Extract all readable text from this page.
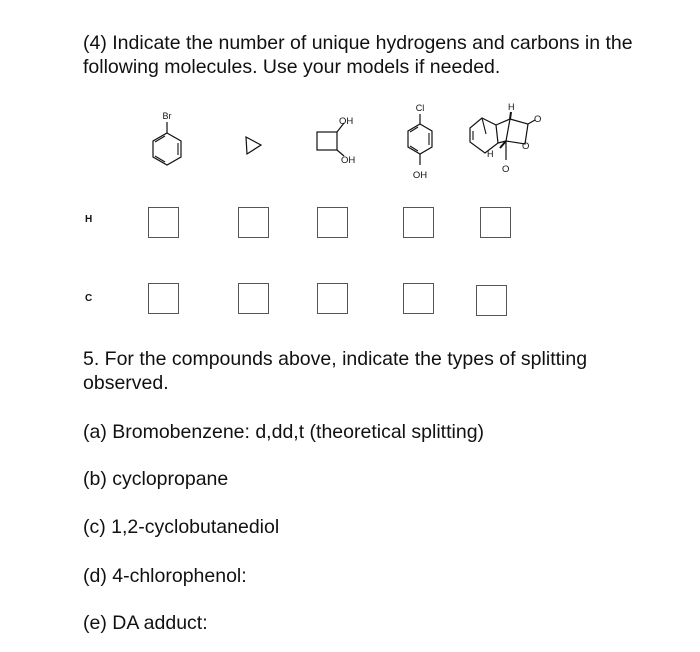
(4) Indicate the number of unique hydrogens and carbons in the following molecules. Use your models if needed.

Br	OH
OH
Cl
OH
H
H
O
O
O
H
C

5. For the compounds above, indicate the types of splitting observed.

(a) Bromobenzene: d,dd,t (theoretical splitting)

(b) cyclopropane

(c) 1,2-cyclobutanediol

(d) 4-chlorophenol:

(e) DA adduct:
